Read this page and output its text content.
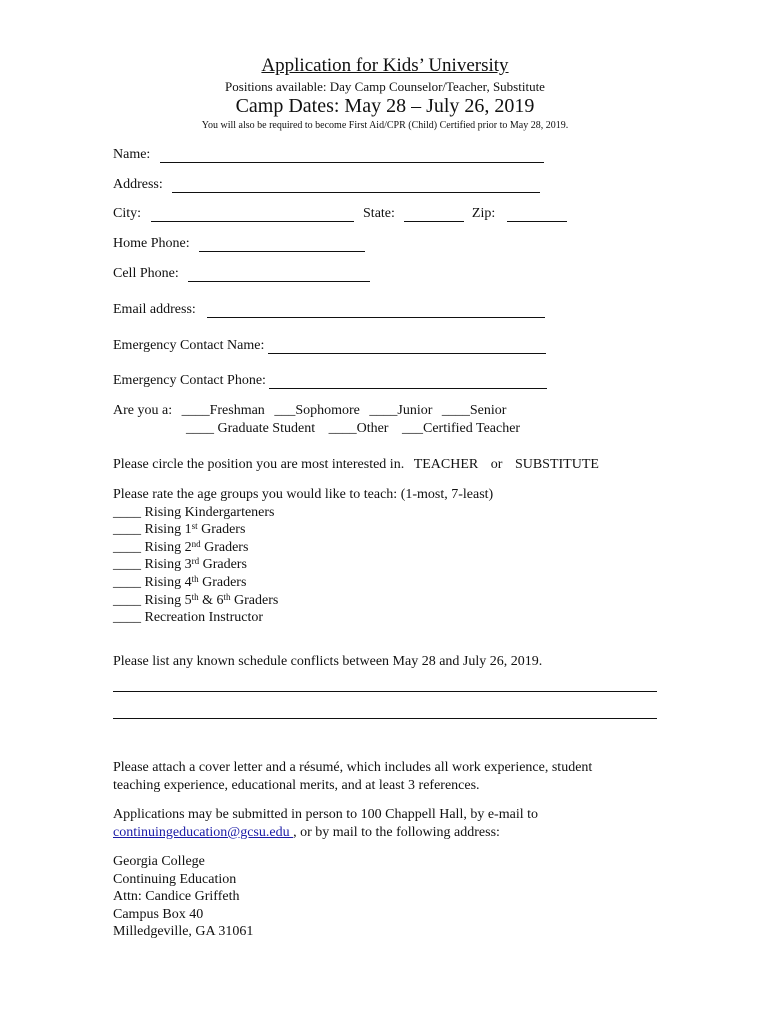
Application for Kids’ University
Positions available: Day Camp Counselor/Teacher, Substitute
Camp Dates: May 28 – July 26, 2019
You will also be required to become First Aid/CPR (Child) Certified prior to May 28, 2019.
Name:
Address:
City:	State:	Zip:
Home Phone:
Cell Phone:
Email address:
Emergency Contact Name:
Emergency Contact Phone:
Are you a: ____Freshman ___Sophomore ____Junior ____Senior
____ Graduate Student ____Other ___Certified Teacher
Please circle the position you are most interested in. TEACHER or SUBSTITUTE
Please rate the age groups you would like to teach: (1-most, 7-least)
____ Rising Kindergarteners
____ Rising 1st Graders
____ Rising 2nd Graders
____ Rising 3rd Graders
____ Rising 4th Graders
____ Rising 5th & 6th Graders
____ Recreation Instructor
Please list any known schedule conflicts between May 28 and July 26, 2019.
Please attach a cover letter and a résumé, which includes all work experience, student
teaching experience, educational merits, and at least 3 references.
Applications may be submitted in person to 100 Chappell Hall, by e-mail to
continuingeducation@gcsu.edu , or by mail to the following address:
Georgia College
Continuing Education
Attn: Candice Griffeth
Campus Box 40
Milledgeville, GA 31061
